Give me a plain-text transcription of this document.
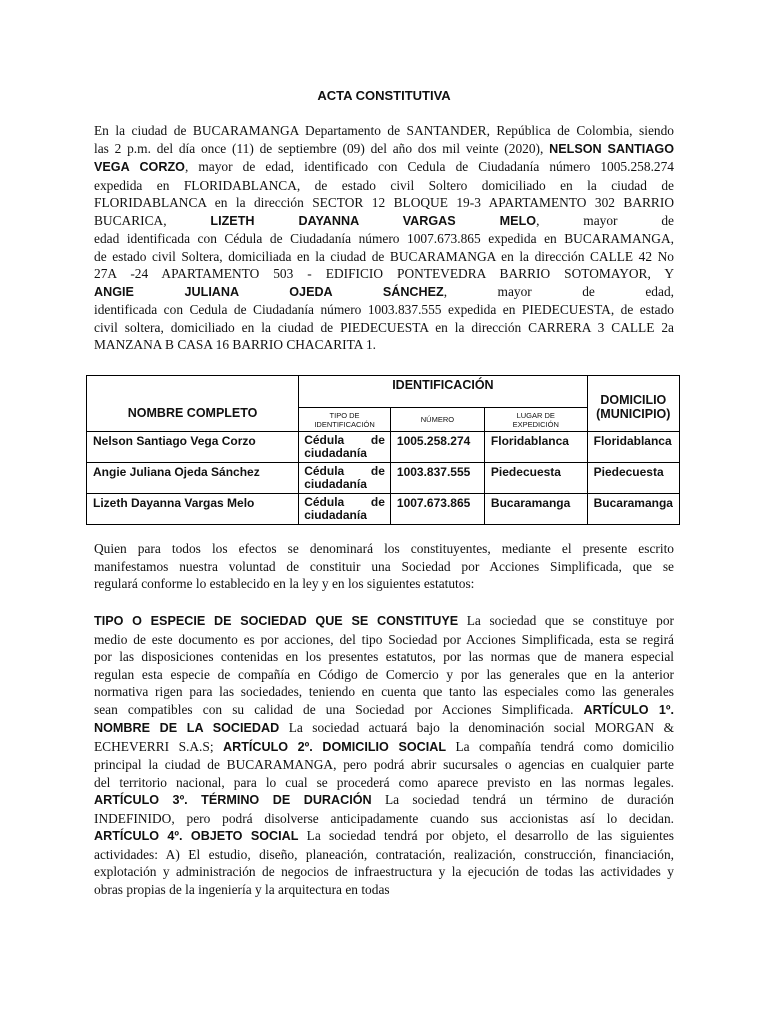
ACTA CONSTITUTIVA
En la ciudad de BUCARAMANGA Departamento de SANTANDER, República de Colombia, siendo
las 2 p.m. del día once (11) de septiembre (09) del año dos mil veinte (2020), NELSON SANTIAGO
VEGA CORZO, mayor de edad, identificado con Cedula de Ciudadanía número 1005.258.274
expedida en FLORIDABLANCA, de estado civil Soltero domiciliado en la ciudad de
FLORIDABLANCA en la dirección SECTOR 12 BLOQUE 19-3 APARTAMENTO 302 BARRIO
BUCARICA, LIZETH DAYANNA VARGAS MELO, mayor de
edad identificada con Cédula de Ciudadanía número 1007.673.865 expedida en BUCARAMANGA,
de estado civil Soltera, domiciliada en la ciudad de BUCARAMANGA en la dirección CALLE 42 No
27A -24 APARTAMENTO 503 - EDIFICIO PONTEVEDRA BARRIO SOTOMAYOR, Y
ANGIE JULIANA OJEDA SÁNCHEZ, mayor de edad,
identificada con Cedula de Ciudadanía número 1003.837.555 expedida en PIEDECUESTA, de estado
civil soltera, domiciliado en la ciudad de PIEDECUESTA en la dirección CARRERA 3 CALLE 2a
MANZANA B CASA 16 BARRIO CHACARITA 1.
NOMBRE COMPLETO	IDENTIFICACIÓN			DOMICILIO (MUNICIPIO)
	TIPO DE IDENTIFICACIÓN	NÚMERO	LUGAR DE EXPEDICIÓN	
Nelson Santiago Vega Corzo	Cédula de ciudadanía	1005.258.274	Floridablanca	Floridablanca
Angie Juliana Ojeda Sánchez	Cédula de ciudadanía	1003.837.555	Piedecuesta	Piedecuesta
Lizeth Dayanna Vargas Melo	Cédula de ciudadanía	1007.673.865	Bucaramanga	Bucaramanga
Quien para todos los efectos se denominará los constituyentes, mediante el presente escrito
manifestamos nuestra voluntad de constituir una Sociedad por Acciones Simplificada, que se
regulará conforme lo establecido en la ley y en los siguientes estatutos:
TIPO O ESPECIE DE SOCIEDAD QUE SE CONSTITUYE La sociedad que se constituye por
medio de este documento es por acciones, del tipo Sociedad por Acciones Simplificada, esta se regirá
por las disposiciones contenidas en los presentes estatutos, por las normas que de manera especial
regulan esta especie de compañía en Código de Comercio y por las generales que en la anterior
normativa rigen para las sociedades, teniendo en cuenta que tanto las especiales como las generales
sean compatibles con su calidad de una Sociedad por Acciones Simplificada. ARTÍCULO 1º.
NOMBRE DE LA SOCIEDAD La sociedad actuará bajo la denominación social MORGAN &
ECHEVERRI S.A.S; ARTÍCULO 2º. DOMICILIO SOCIAL La compañía tendrá como domicilio
principal la ciudad de BUCARAMANGA, pero podrá abrir sucursales o agencias en cualquier parte
del territorio nacional, para lo cual se procederá como aparece previsto en las normas legales.
ARTÍCULO 3º. TÉRMINO DE DURACIÓN La sociedad tendrá un término de duración
INDEFINIDO, pero podrá disolverse anticipadamente cuando sus accionistas así lo decidan.
ARTÍCULO 4º. OBJETO SOCIAL La sociedad tendrá por objeto, el desarrollo de las siguientes
actividades: A) El estudio, diseño, planeación, contratación, realización, construcción, financiación,
explotación y administración de negocios de infraestructura y la ejecución de todas las actividades y
obras propias de la ingeniería y la arquitectura en todas
